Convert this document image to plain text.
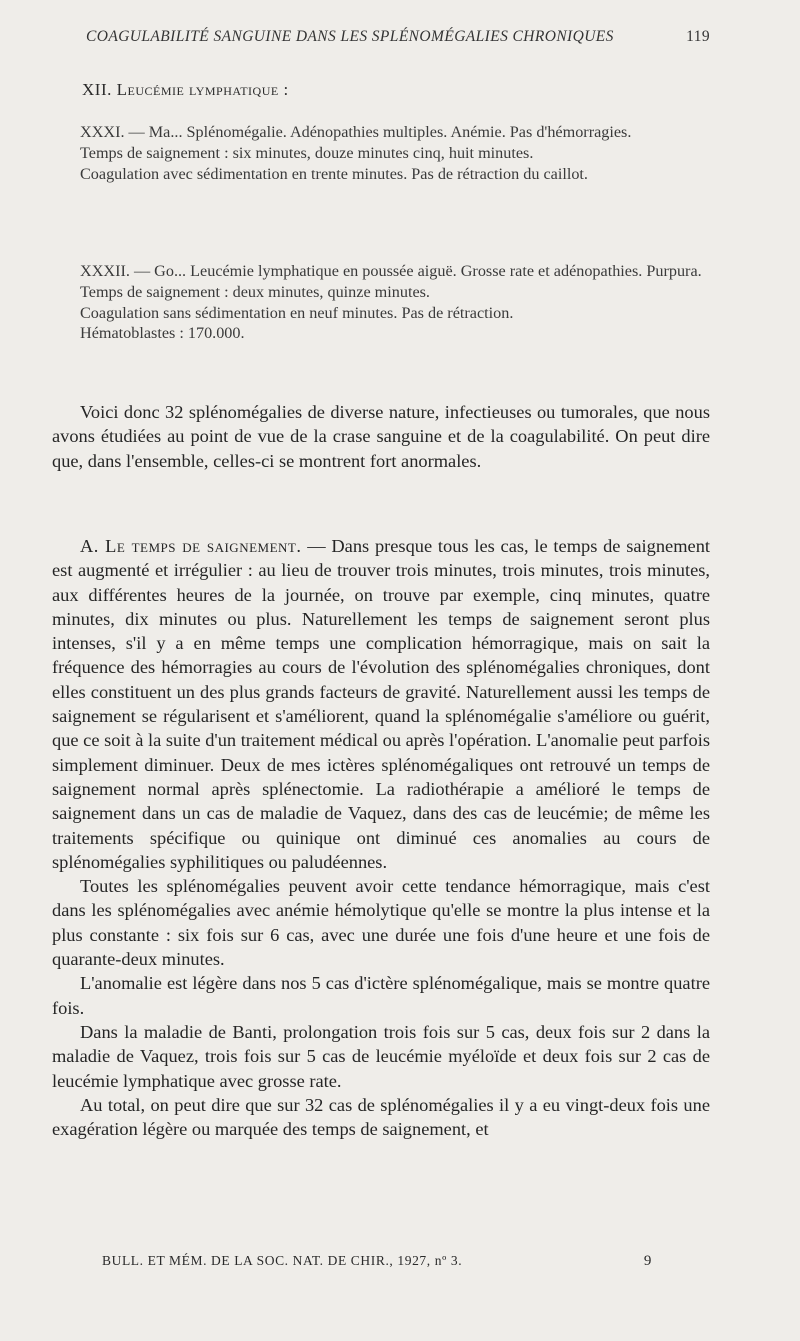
COAGULABILITÉ SANGUINE DANS LES SPLÉNOMÉGALIES CHRONIQUES	119
XII. Leucémie lymphatique :

XXXI. — Ma... Splénomégalie. Adénopathies multiples. Anémie. Pas d'hémorragies.

Temps de saignement : six minutes, douze minutes cinq, huit minutes.

Coagulation avec sédimentation en trente minutes. Pas de rétraction du caillot.

XXXII. — Go... Leucémie lymphatique en poussée aiguë. Grosse rate et adénopathies. Purpura.

Temps de saignement : deux minutes, quinze minutes.

Coagulation sans sédimentation en neuf minutes. Pas de rétraction.

Hématoblastes : 170.000.

Voici donc 32 splénomégalies de diverse nature, infectieuses ou tumorales, que nous avons étudiées au point de vue de la crase sanguine et de la coagulabilité. On peut dire que, dans l'ensemble, celles-ci se montrent fort anormales.

A. Le temps de saignement. — Dans presque tous les cas, le temps de saignement est augmenté et irrégulier : au lieu de trouver trois minutes, trois minutes, trois minutes, aux différentes heures de la journée, on trouve par exemple, cinq minutes, quatre minutes, dix minutes ou plus. Naturellement les temps de saignement seront plus intenses, s'il y a en même temps une complication hémorragique, mais on sait la fréquence des hémorragies au cours de l'évolution des splénomégalies chroniques, dont elles constituent un des plus grands facteurs de gravité. Naturellement aussi les temps de saignement se régularisent et s'améliorent, quand la splénomégalie s'améliore ou guérit, que ce soit à la suite d'un traitement médical ou après l'opération. L'anomalie peut parfois simplement diminuer. Deux de mes ictères splénomégaliques ont retrouvé un temps de saignement normal après splénectomie. La radiothérapie a amélioré le temps de saignement dans un cas de maladie de Vaquez, dans des cas de leucémie; de même les traitements spécifique ou quinique ont diminué ces anomalies au cours de splénomégalies syphilitiques ou paludéennes.

Toutes les splénomégalies peuvent avoir cette tendance hémorragique, mais c'est dans les splénomégalies avec anémie hémolytique qu'elle se montre la plus intense et la plus constante : six fois sur 6 cas, avec une durée une fois d'une heure et une fois de quarante-deux minutes.

L'anomalie est légère dans nos 5 cas d'ictère splénomégalique, mais se montre quatre fois.

Dans la maladie de Banti, prolongation trois fois sur 5 cas, deux fois sur 2 dans la maladie de Vaquez, trois fois sur 5 cas de leucémie myéloïde et deux fois sur 2 cas de leucémie lymphatique avec grosse rate.

Au total, on peut dire que sur 32 cas de splénomégalies il y a eu vingt-deux fois une exagération légère ou marquée des temps de saignement, et

BULL. ET MÉM. DE LA SOC. NAT. DE CHIR., 1927, nº 3.	9
